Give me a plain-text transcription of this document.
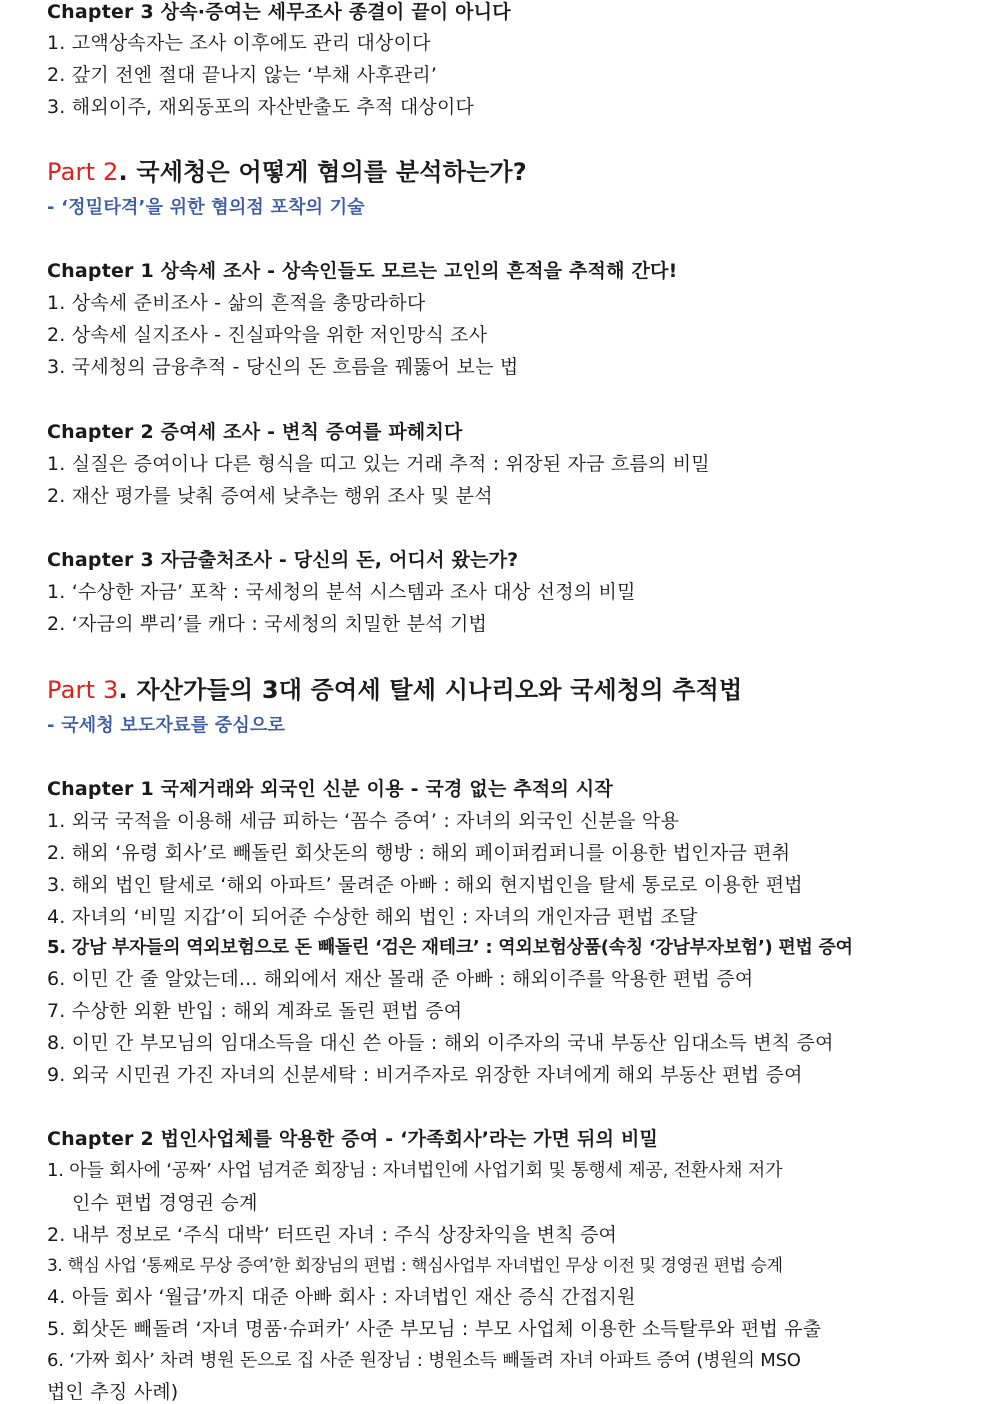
Chapter 3 상속·증여는 세무조사 종결이 끝이 아니다
1. 고액상속자는 조사 이후에도 관리 대상이다
2. 갚기 전엔 절대 끝나지 않는 ‘부채 사후관리’
3. 해외이주, 재외동포의 자산반출도 추적 대상이다
Part 2. 국세청은 어떻게 혐의를 분석하는가?
- ‘정밀타격’을 위한 혐의점 포착의 기술
Chapter 1 상속세 조사 - 상속인들도 모르는 고인의 흔적을 추적해 간다!
1. 상속세 준비조사 - 삶의 흔적을 총망라하다
2. 상속세 실지조사 - 진실파악을 위한 저인망식 조사
3. 국세청의 금융추적 - 당신의 돈 흐름을 꿰뚫어 보는 법
Chapter 2 증여세 조사 - 변칙 증여를 파헤치다
1. 실질은 증여이나 다른 형식을 띠고 있는 거래 추적 : 위장된 자금 흐름의 비밀
2. 재산 평가를 낮춰 증여세 낮추는 행위 조사 및 분석
Chapter 3 자금출처조사 - 당신의 돈, 어디서 왔는가?
1. ‘수상한 자금’ 포착 : 국세청의 분석 시스템과 조사 대상 선정의 비밀
2. ‘자금의 뿌리’를 캐다 : 국세청의 치밀한 분석 기법
Part 3. 자산가들의 3대 증여세 탈세 시나리오와 국세청의 추적법
- 국세청 보도자료를 중심으로
Chapter 1 국제거래와 외국인 신분 이용 - 국경 없는 추적의 시작
1. 외국 국적을 이용해 세금 피하는 ‘꼼수 증여’ : 자녀의 외국인 신분을 악용
2. 해외 ‘유령 회사’로 빼돌린 회삿돈의 행방 : 해외 페이퍼컴퍼니를 이용한 법인자금 편취
3. 해외 법인 탈세로 ‘해외 아파트’ 물려준 아빠 : 해외 현지법인을 탈세 통로로 이용한 편법
4. 자녀의 ‘비밀 지갑’이 되어준 수상한 해외 법인 : 자녀의 개인자금 편법 조달
5. 강남 부자들의 역외보험으로 돈 빼돌린 ‘검은 재테크’ : 역외보험상품(속칭 ‘강남부자보험’) 편법 증여
6. 이민 간 줄 알았는데... 해외에서 재산 몰래 준 아빠 : 해외이주를 악용한 편법 증여
7. 수상한 외환 반입 : 해외 계좌로 돌린 편법 증여
8. 이민 간 부모님의 임대소득을 대신 쓴 아들 : 해외 이주자의 국내 부동산 임대소득 변칙 증여
9. 외국 시민권 가진 자녀의 신분세탁 : 비거주자로 위장한 자녀에게 해외 부동산 편법 증여
Chapter 2 법인사업체를 악용한 증여 - ‘가족회사’라는 가면 뒤의 비밀
1. 아들 회사에 ‘공짜’ 사업 넘겨준 회장님 : 자녀법인에 사업기회 및 통행세 제공, 전환사채 저가
인수 편법 경영권 승계
2. 내부 정보로 ‘주식 대박’ 터뜨린 자녀 : 주식 상장차익을 변칙 증여
3. 핵심 사업 ‘통째로 무상 증여’한 회장님의 편법 : 핵심사업부 자녀법인 무상 이전 및 경영권 편법 승계
4. 아들 회사 ‘월급’까지 대준 아빠 회사 : 자녀법인 재산 증식 간접지원
5. 회삿돈 빼돌려 ‘자녀 명품·슈퍼카’ 사준 부모님 : 부모 사업체 이용한 소득탈루와 편법 유출
6. ‘가짜 회사’ 차려 병원 돈으로 집 사준 원장님 : 병원소득 빼돌려 자녀 아파트 증여 (병원의 MSO
법인 추징 사례)
